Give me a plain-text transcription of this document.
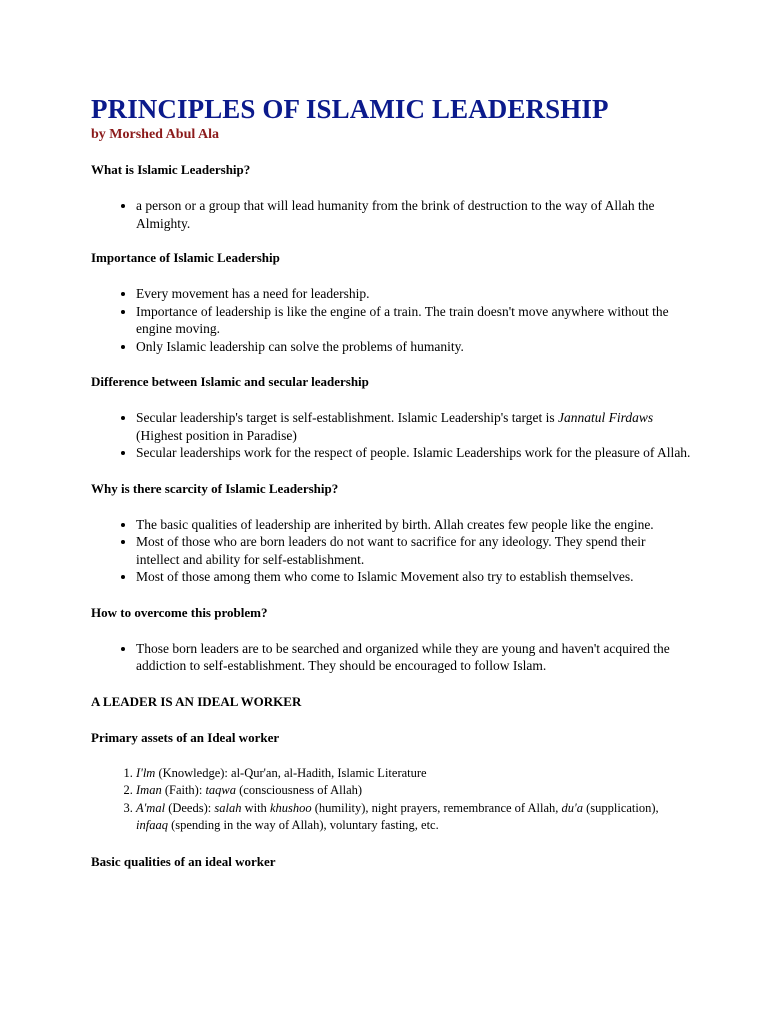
PRINCIPLES OF ISLAMIC LEADERSHIP

by Morshed Abul Ala

What is Islamic Leadership?

• a person or a group that will lead humanity from the brink of destruction to the way of Allah the Almighty.

Importance of Islamic Leadership

• Every movement has a need for leadership.
• Importance of leadership is like the engine of a train. The train doesn't move anywhere without the engine moving.
• Only Islamic leadership can solve the problems of humanity.

Difference between Islamic and secular leadership

• Secular leadership's target is self-establishment. Islamic Leadership's target is Jannatul Firdaws (Highest position in Paradise)
• Secular leaderships work for the respect of people. Islamic Leaderships work for the pleasure of Allah.

Why is there scarcity of Islamic Leadership?

• The basic qualities of leadership are inherited by birth. Allah creates few people like the engine.
• Most of those who are born leaders do not want to sacrifice for any ideology. They spend their intellect and ability for self-establishment.
• Most of those among them who come to Islamic Movement also try to establish themselves.

How to overcome this problem?

• Those born leaders are to be searched and organized while they are young and haven't acquired the addiction to self-establishment. They should be encouraged to follow Islam.

A LEADER IS AN IDEAL WORKER

Primary assets of an Ideal worker

1. I'lm (Knowledge): al-Qur'an, al-Hadith, Islamic Literature
2. Iman (Faith): taqwa (consciousness of Allah)
3. A'mal (Deeds): salah with khushoo (humility), night prayers, remembrance of Allah, du'a (supplication), infaaq (spending in the way of Allah), voluntary fasting, etc.

Basic qualities of an ideal worker
